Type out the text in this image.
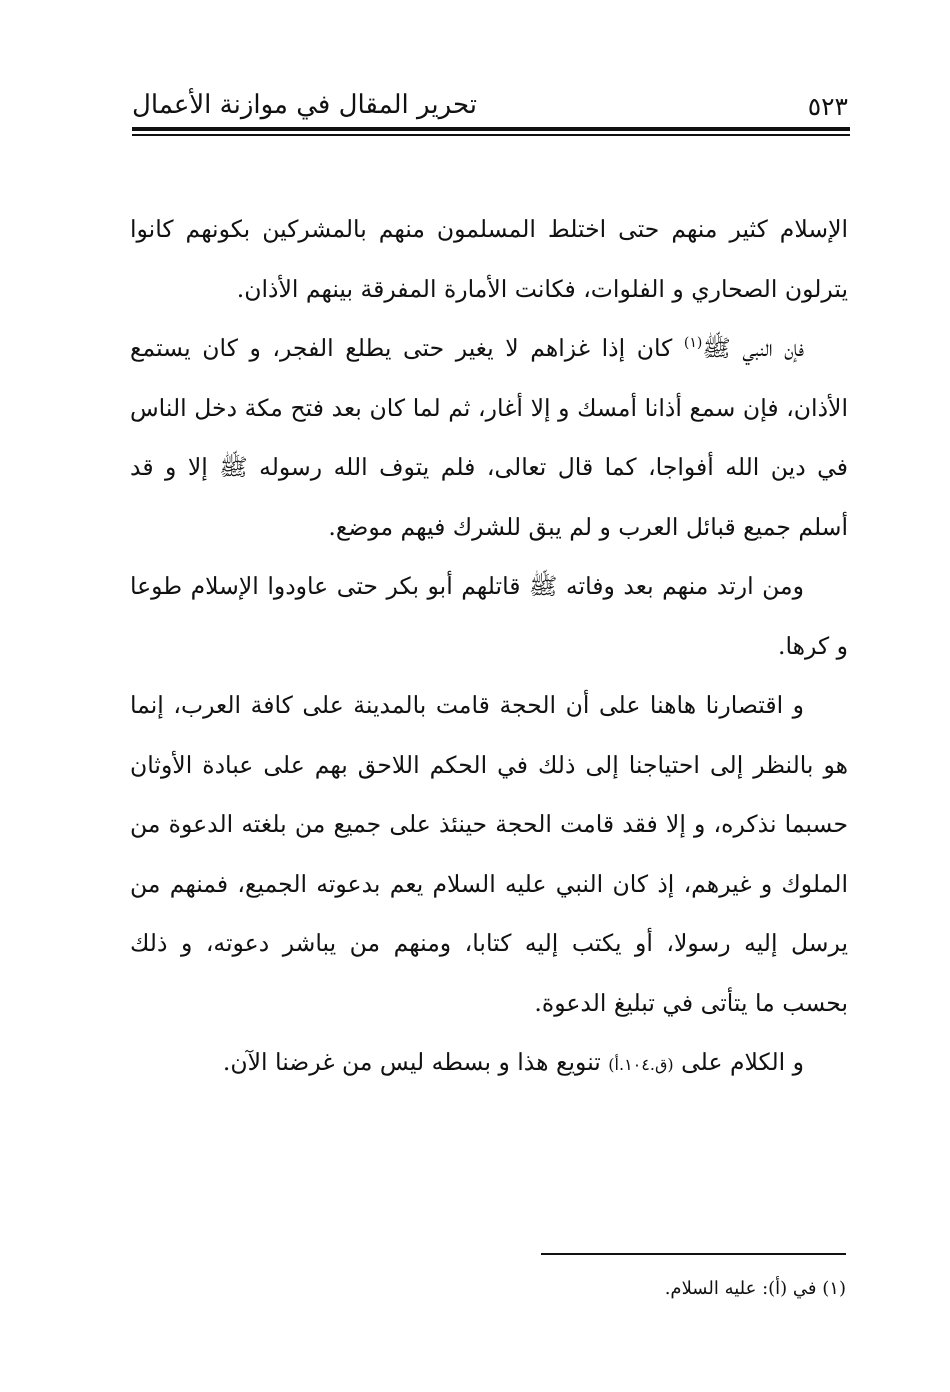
٥٢٣
تحرير المقال في موازنة الأعمال

الإسلام كثير منهم حتى اختلط المسلمون منهم بالمشركين بكونهم كانوا يترلون الصحاري و الفلوات، فكانت الأمارة المفرقة بينهم الأذان.

فإن النبي ﷺ$^{(١)}$ كان إذا غزاهم لا يغير حتى يطلع الفجر، و كان يستمع الأذان، فإن سمع أذانا أمسك و إلا أغار، ثم لما كان بعد فتح مكة دخل الناس في دين الله أفواجا، كما قال تعالى، فلم يتوف الله رسوله ﷺ إلا و قد أسلم جميع قبائل العرب و لم يبق للشرك فيهم موضع.

ومن ارتد منهم بعد وفاته ﷺ قاتلهم أبو بكر حتى عاودوا الإسلام طوعا و كرها.

و اقتصارنا هاهنا على أن الحجة قامت بالمدينة على كافة العرب، إنما هو بالنظر إلى احتياجنا إلى ذلك في الحكم اللاحق بهم على عبادة الأوثان حسبما نذكره، و إلا فقد قامت الحجة حينئذ على جميع من بلغته الدعوة من الملوك و غيرهم، إذ كان النبي عليه السلام يعم بدعوته الجميع، فمنهم من يرسل إليه رسولا، أو يكتب إليه كتابا، ومنهم من يباشر دعوته، و ذلك بحسب ما يتأتى في تبليغ الدعوة.

و الكلام على (ق.١٠٤.أ) تنويع هذا و بسطه ليس من غرضنا الآن.

(١) في (أ): عليه السلام.
